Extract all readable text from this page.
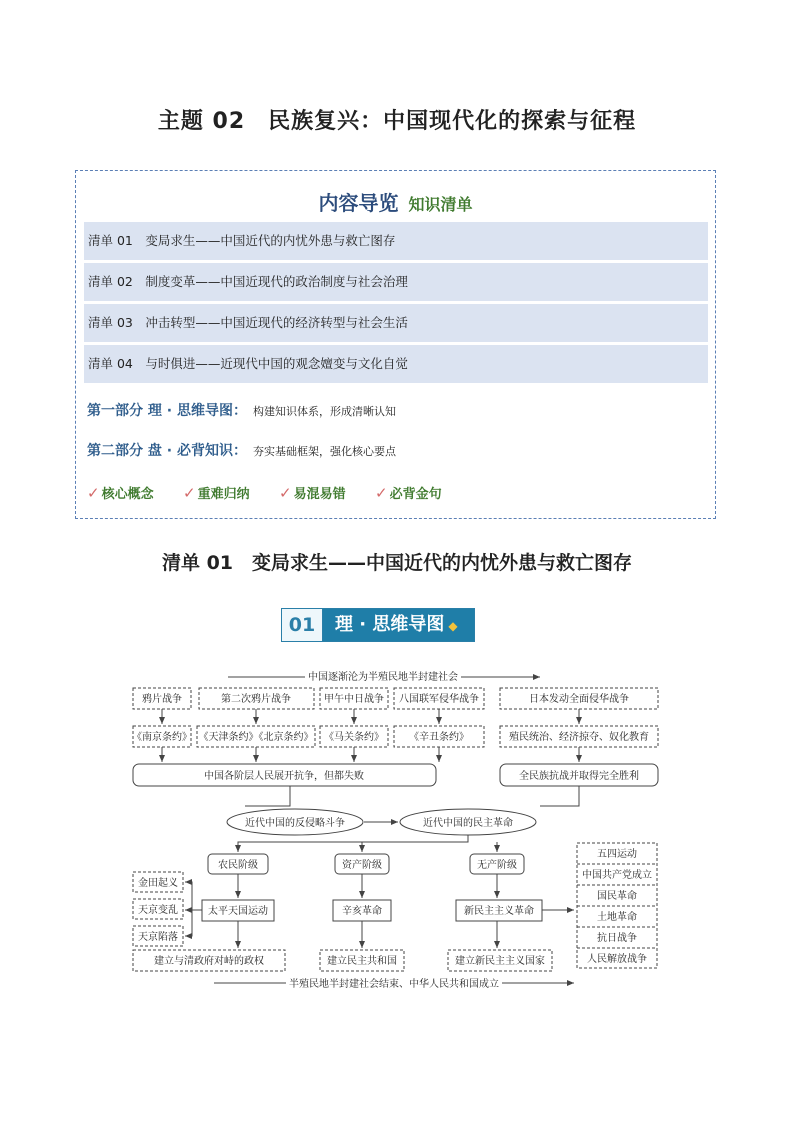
主题 02　民族复兴：中国现代化的探索与征程
内容导览 知识清单
清单 01　变局求生——中国近代的内忧外患与救亡图存
清单 02　制度变革——中国近现代的政治制度与社会治理
清单 03　冲击转型——中国近现代的经济转型与社会生活
清单 04　与时俱进——近现代中国的观念嬗变与文化自觉
第一部分 理 · 思维导图： 构建知识体系，形成清晰认知
第二部分 盘 · 必背知识： 夯实基础框架，强化核心要点
✓ 核心概念 ✓ 重难归纳 ✓ 易混易错 ✓ 必背金句
清单 01　变局求生——中国近代的内忧外患与救亡图存
01	理 · 思维导图 ◆
中国逐渐沦为半殖民地半封建社会
鸦片战争	第二次鸦片战争	甲午中日战争 八国联军侵华战争	日本发动全面侵华战争
《南京条约》 《天津条约》《北京条约》 《马关条约》	《辛丑条约》	殖民统治、经济掠夺、奴化教育
中国各阶层人民展开抗争，但都失败	全民族抗战并取得完全胜利
近代中国的反侵略斗争	近代中国的民主革命
农民阶级	资产阶级	无产阶级
太平天国运动	辛亥革命	新民主主义革命
金田起义
天京变乱
天京陷落
建立与清政府对峙的政权	建立民主共和国	建立新民主主义国家
五四运动
中国共产党成立
国民革命
土地革命
抗日战争
人民解放战争
半殖民地半封建社会结束、中华人民共和国成立
